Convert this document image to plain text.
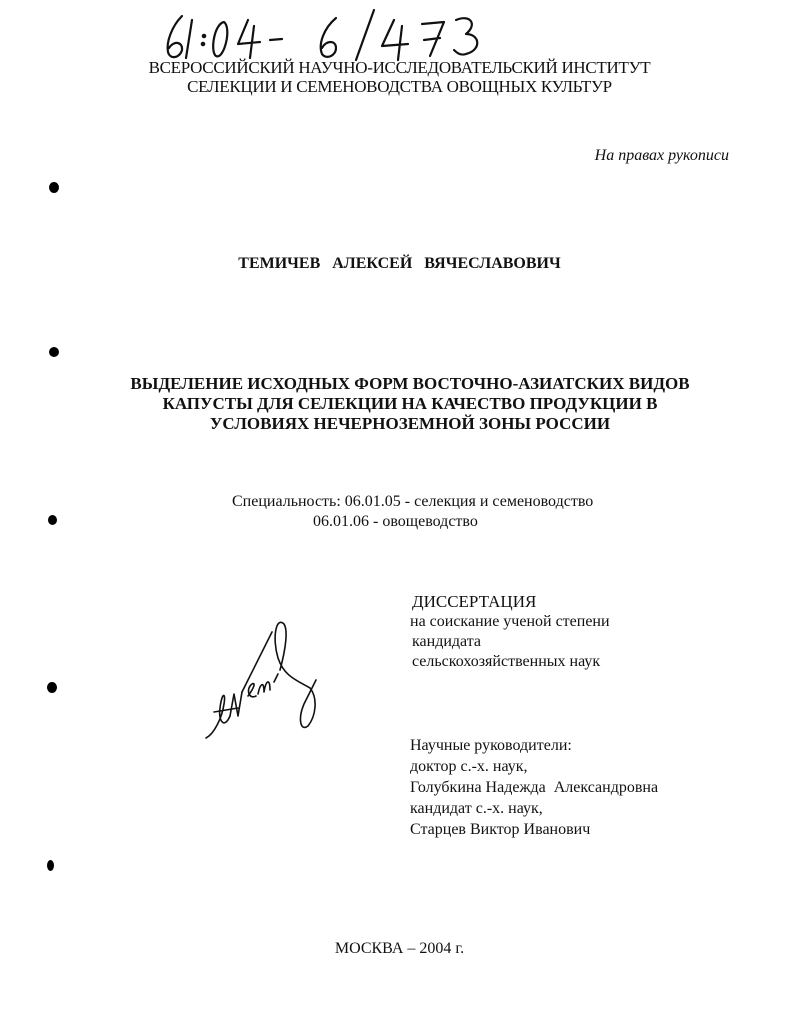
ВСЕРОССИЙСКИЙ НАУЧНО-ИССЛЕДОВАТЕЛЬСКИЙ ИНСТИТУТ
СЕЛЕКЦИИ И СЕМЕНОВОДСТВА ОВОЩНЫХ КУЛЬТУР
На правах рукописи
ТЕМИЧЕВ АЛЕКСЕЙ ВЯЧЕСЛАВОВИЧ
ВЫДЕЛЕНИЕ ИСХОДНЫХ ФОРМ ВОСТОЧНО-АЗИАТСКИХ ВИДОВ
КАПУСТЫ ДЛЯ СЕЛЕКЦИИ НА КАЧЕСТВО ПРОДУКЦИИ В
УСЛОВИЯХ НЕЧЕРНОЗЕМНОЙ ЗОНЫ РОССИИ
Специальность: 06.01.05 - селекция и семеноводство
06.01.06 - овощеводство
ДИССЕРТАЦИЯ
на соискание ученой степени
кандидата
сельскохозяйственных наук
Научные руководители:
доктор с.-х. наук,
Голубкина Надежда  Александровна
кандидат с.-х. наук,
Старцев Виктор Иванович
МОСКВА – 2004 г.
